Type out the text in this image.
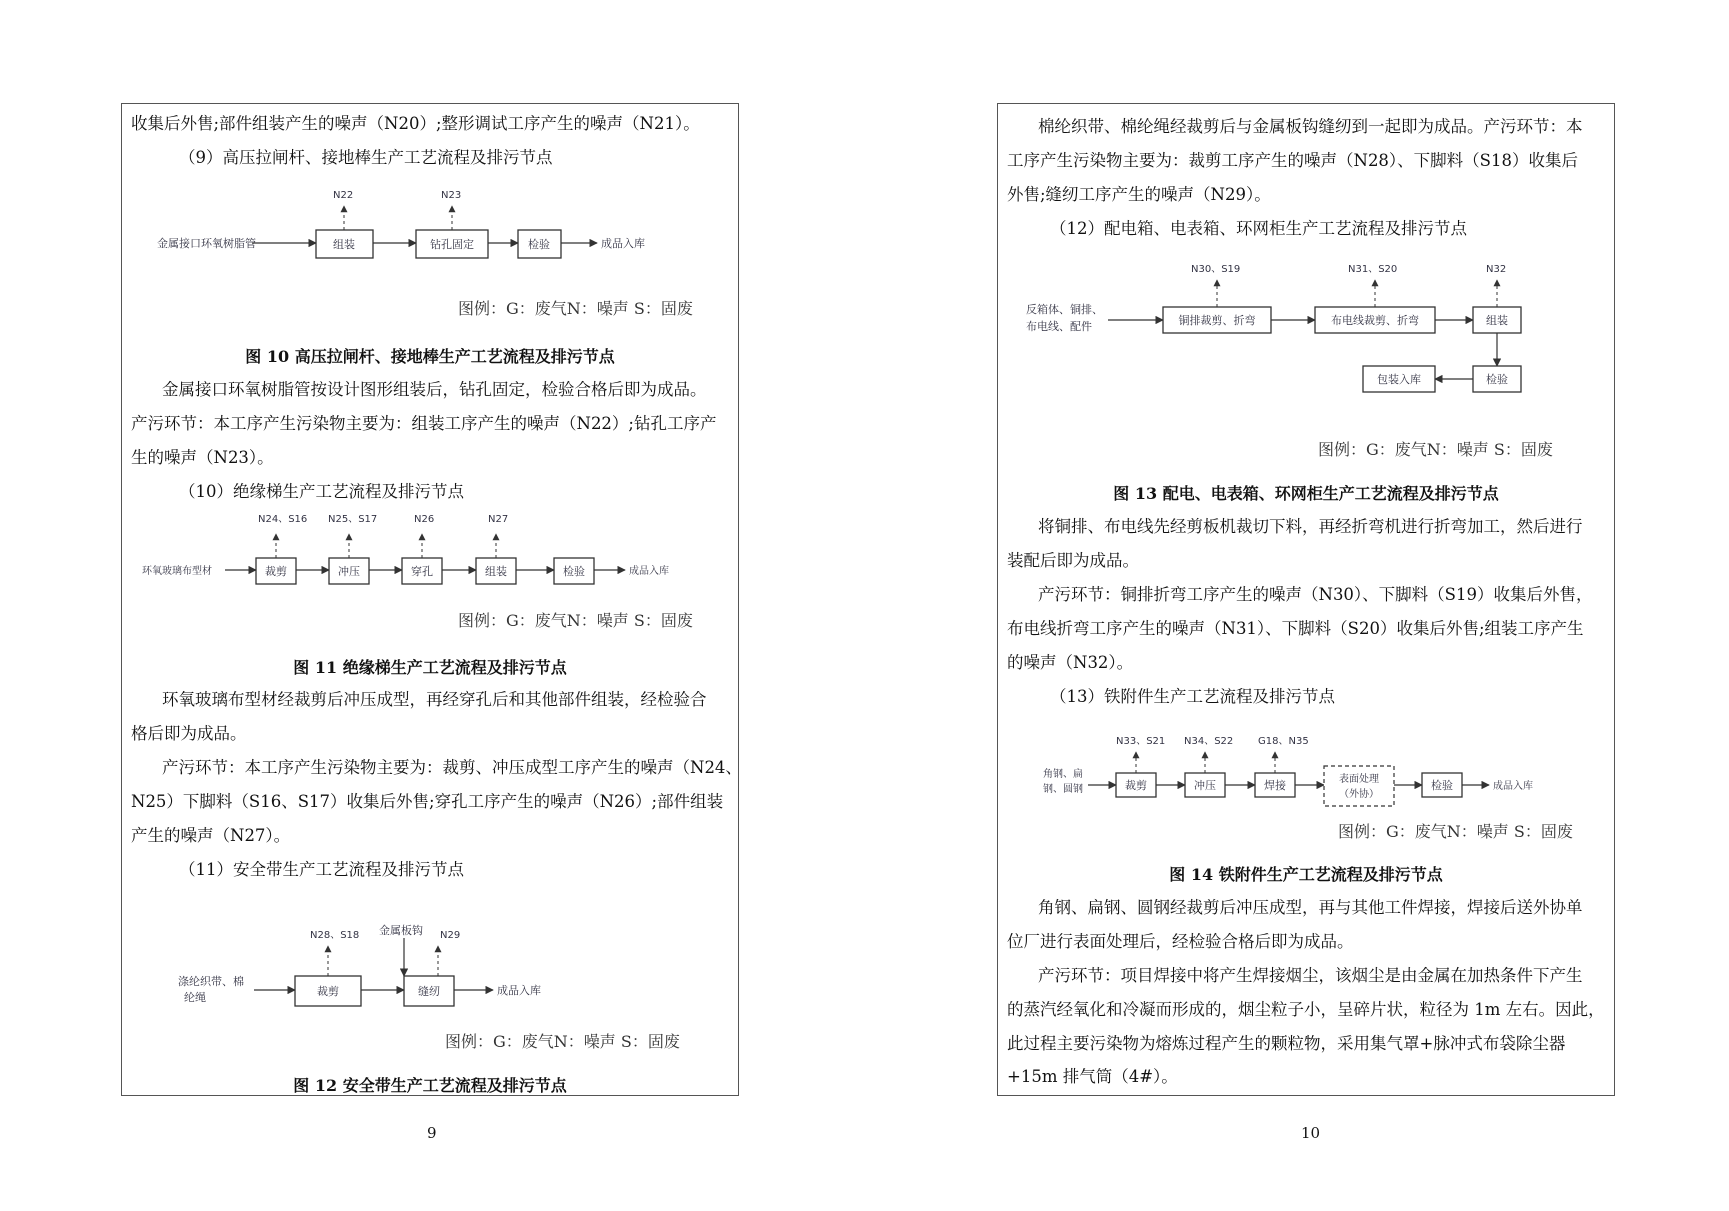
收集后外售;部件组装产生的噪声（N20）;整形调试工序产生的噪声（N21）。
（9）高压拉闸杆、接地棒生产工艺流程及排污节点
金属接口环氧树脂管	组装	钻孔固定	检验	成品入库
N22	N23
图例：G：废气N：噪声 S：固废
图 10 高压拉闸杆、接地棒生产工艺流程及排污节点
金属接口环氧树脂管按设计图形组装后，钻孔固定，检验合格后即为成品。
产污环节：本工序产生污染物主要为：组装工序产生的噪声（N22）;钻孔工序产
生的噪声（N23）。
（10）绝缘梯生产工艺流程及排污节点
环氧玻璃布型材	裁剪	冲压	穿孔	组装	检验	成品入库
N24、S16 N25、S17	N26	N27
图例：G：废气N：噪声 S：固废
图 11 绝缘梯生产工艺流程及排污节点
环氧玻璃布型材经裁剪后冲压成型，再经穿孔后和其他部件组装，经检验合
格后即为成品。
产污环节：本工序产生污染物主要为：裁剪、冲压成型工序产生的噪声（N24、
N25）下脚料（S16、S17）收集后外售;穿孔工序产生的噪声（N26）;部件组装
产生的噪声（N27）。
（11）安全带生产工艺流程及排污节点
涤纶织带、棉
纶绳	裁剪	缝纫	成品入库
金属板钩
N28、S18	N29
图例：G：废气N：噪声 S：固废
图 12 安全带生产工艺流程及排污节点
9
棉纶织带、棉纶绳经裁剪后与金属板钩缝纫到一起即为成品。产污环节：本
工序产生污染物主要为：裁剪工序产生的噪声（N28）、下脚料（S18）收集后
外售;缝纫工序产生的噪声（N29）。
（12）配电箱、电表箱、环网柜生产工艺流程及排污节点
反箱体、铜排、
布电线、配件	铜排裁剪、折弯	布电线裁剪、折弯	组装
检验
包装入库
N30、S19	N31、S20	N32
图例：G：废气N：噪声 S：固废
图 13 配电、电表箱、环网柜生产工艺流程及排污节点
将铜排、布电线先经剪板机裁切下料，再经折弯机进行折弯加工，然后进行
装配后即为成品。
产污环节：铜排折弯工序产生的噪声（N30）、下脚料（S19）收集后外售，
布电线折弯工序产生的噪声（N31）、下脚料（S20）收集后外售;组装工序产生
的噪声（N32）。
（13）铁附件生产工艺流程及排污节点
角钢、扁
钢、圆钢	裁剪	冲压	焊接	表面处理
（外协）
检验	成品入库
N33、S21 N34、S22 G18、N35
图例：G：废气N：噪声 S：固废
图 14 铁附件生产工艺流程及排污节点
角钢、扁钢、圆钢经裁剪后冲压成型，再与其他工件焊接，焊接后送外协单
位厂进行表面处理后，经检验合格后即为成品。
产污环节：项目焊接中将产生焊接烟尘，该烟尘是由金属在加热条件下产生
的蒸汽经氧化和冷凝而形成的，烟尘粒子小，呈碎片状，粒径为 1m 左右。因此，
此过程主要污染物为熔炼过程产生的颗粒物，采用集气罩+脉冲式布袋除尘器
+15m 排气筒（4#）。
10
